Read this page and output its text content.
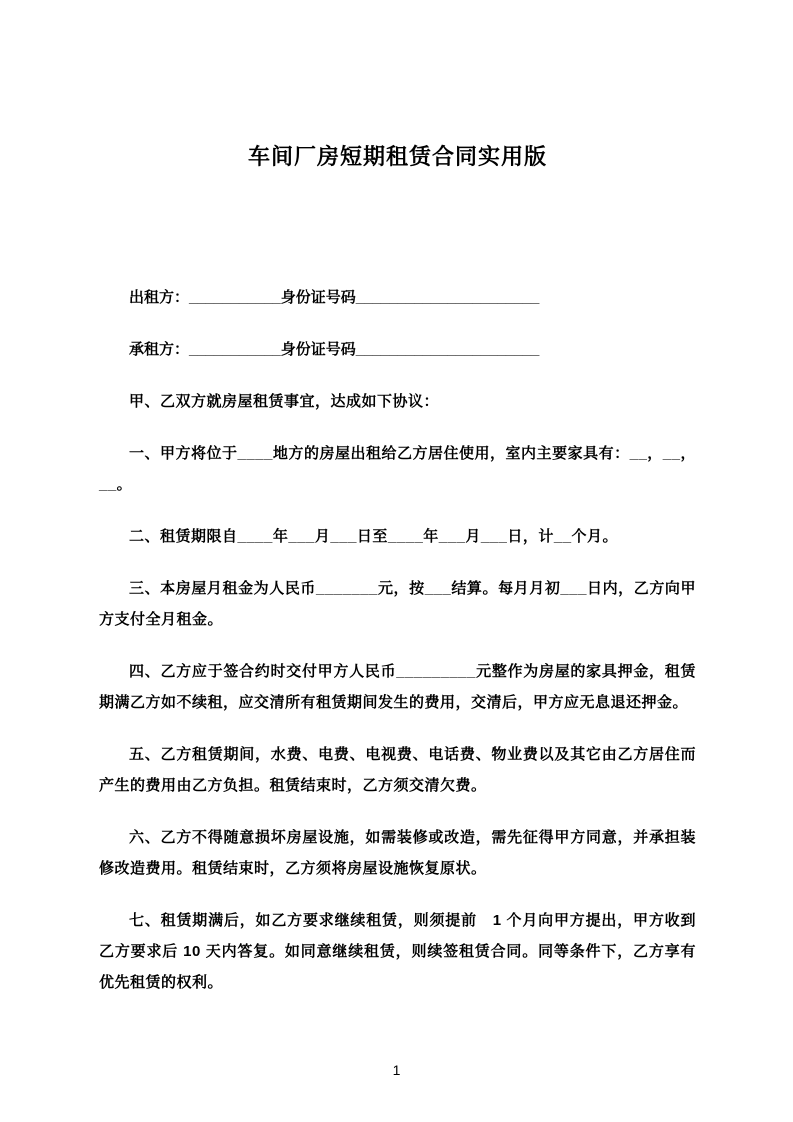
车间厂房短期租赁合同实用版

出租方：___________身份证号码______________________

承租方：___________身份证号码______________________

甲、乙双方就房屋租赁事宜，达成如下协议：

一、甲方将位于____地方的房屋出租给乙方居住使用，室内主要家具有：__，__，__。

二、租赁期限自____年___月___日至____年___月___日，计__个月。

三、本房屋月租金为人民币_______元，按___结算。每月月初___日内，乙方向甲方支付全月租金。

四、乙方应于签合约时交付甲方人民币_________元整作为房屋的家具押金，租赁期满乙方如不续租，应交清所有租赁期间发生的费用，交清后，甲方应无息退还押金。

五、乙方租赁期间，水费、电费、电视费、电话费、物业费以及其它由乙方居住而产生的费用由乙方负担。租赁结束时，乙方须交清欠费。

六、乙方不得随意损坏房屋设施，如需装修或改造，需先征得甲方同意，并承担装修改造费用。租赁结束时，乙方须将房屋设施恢复原状。

七、租赁期满后，如乙方要求继续租赁，则须提前　1 个月向甲方提出，甲方收到乙方要求后 10 天内答复。如同意继续租赁，则续签租赁合同。同等条件下，乙方享有优先租赁的权利。

1
